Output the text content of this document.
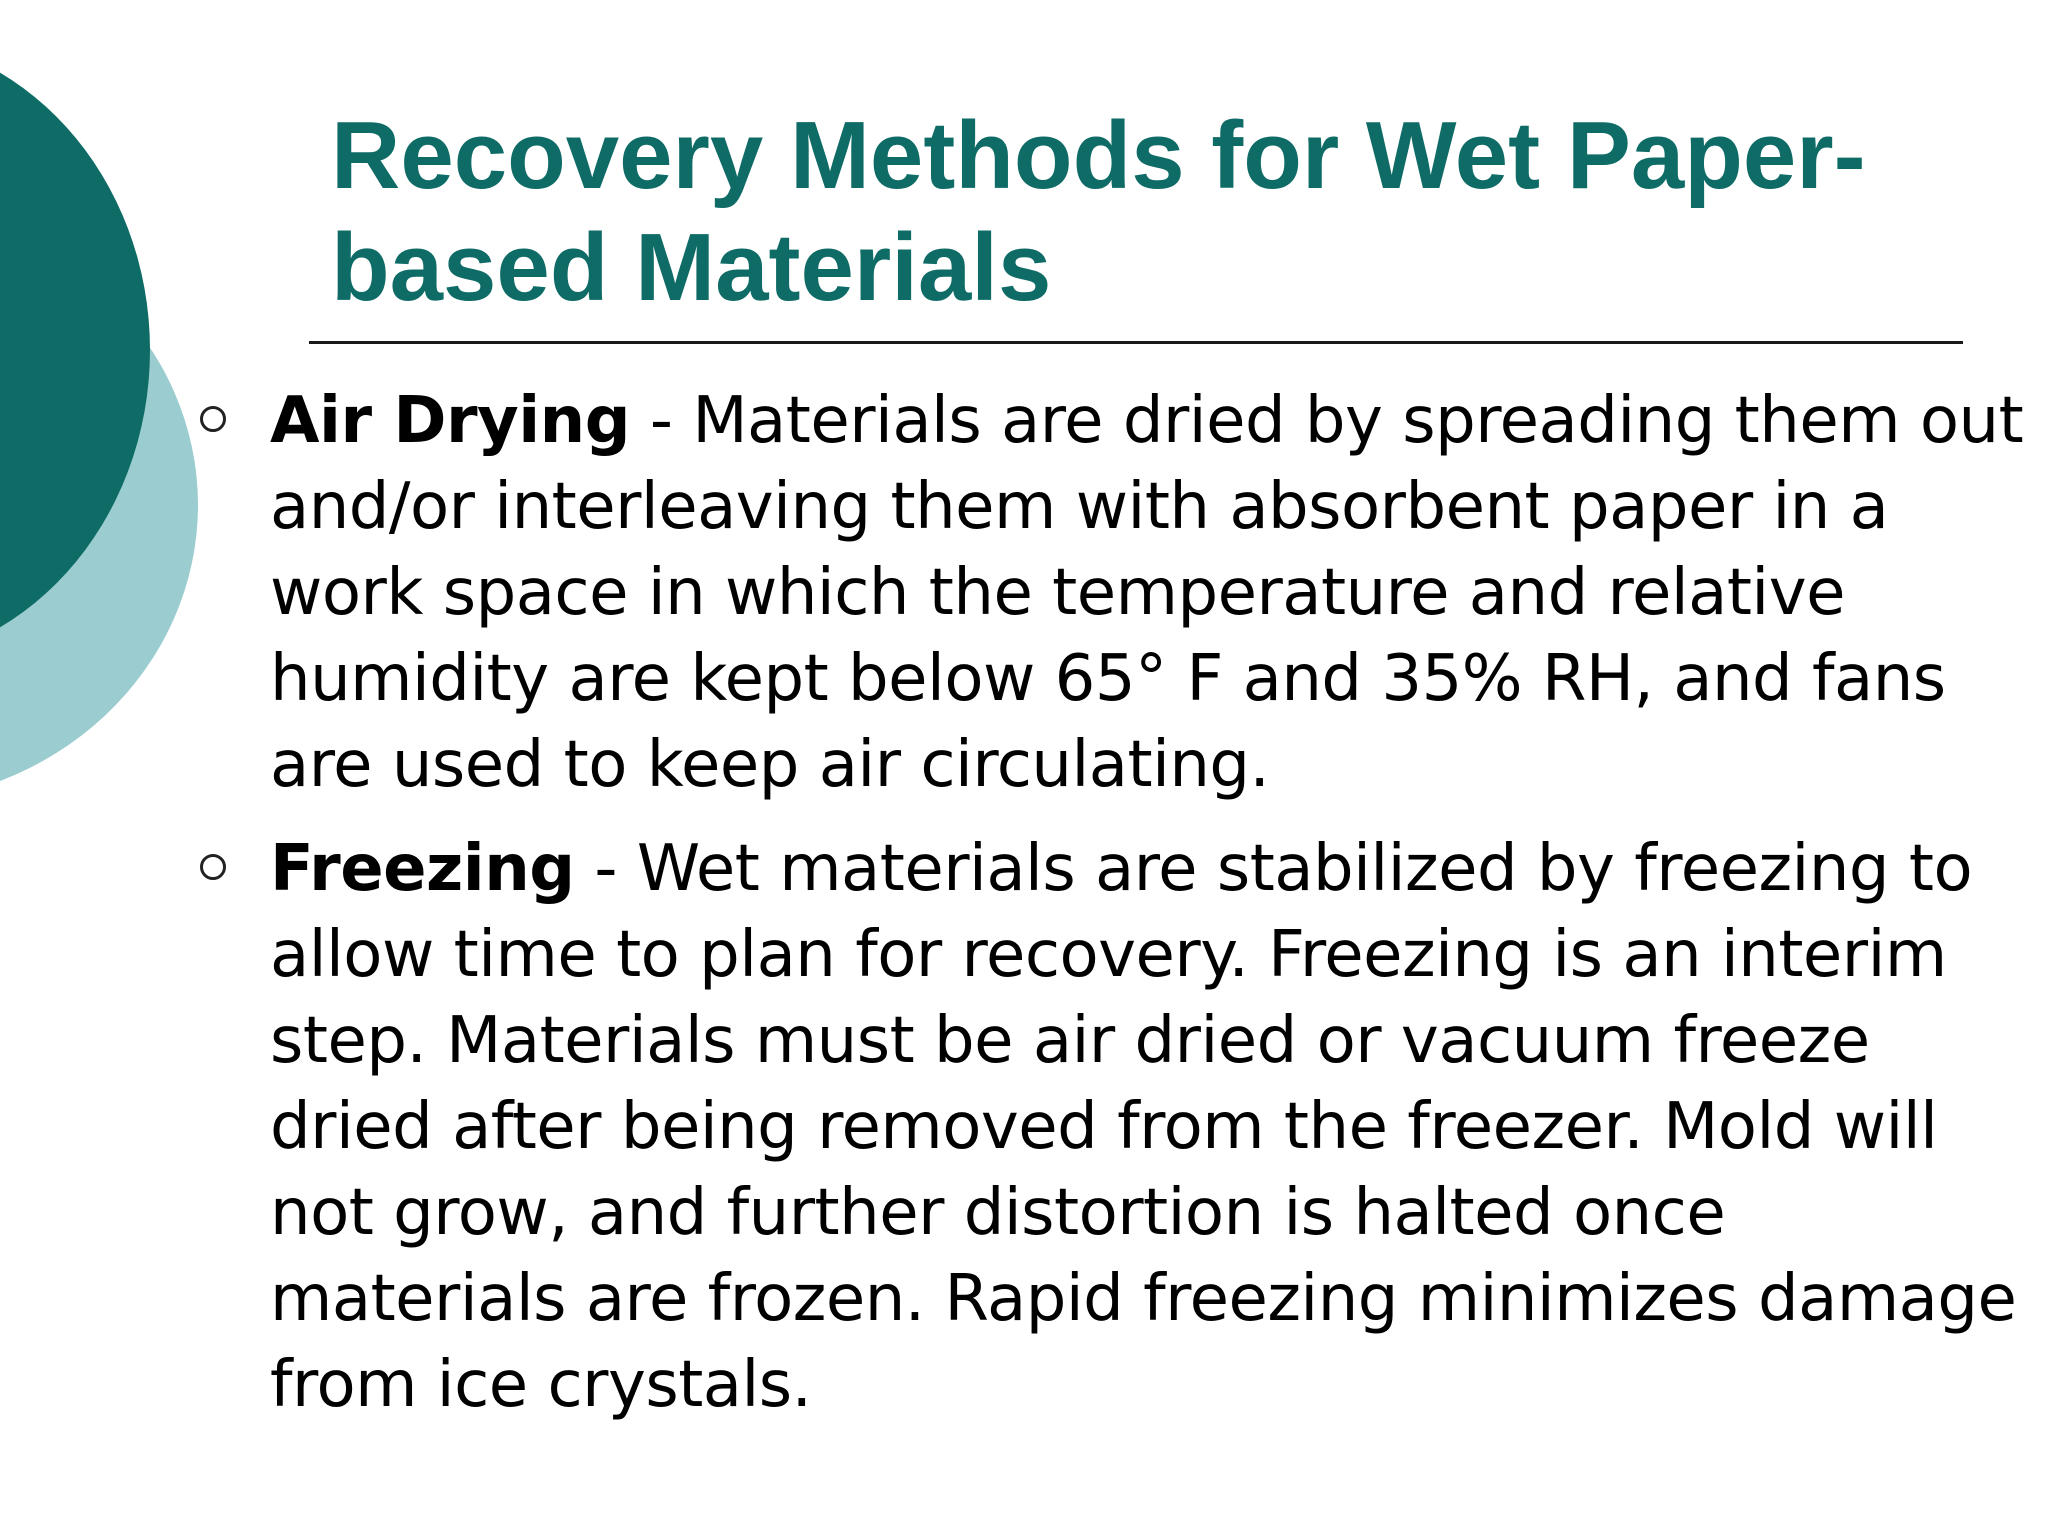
Recovery Methods for Wet Paper-based Materials
Air Drying - Materials are dried by spreading them out and/or interleaving them with absorbent paper in a work space in which the temperature and relative humidity are kept below 65° F and 35% RH, and fans are used to keep air circulating.
Freezing - Wet materials are stabilized by freezing to allow time to plan for recovery. Freezing is an interim step. Materials must be air dried or vacuum freeze dried after being removed from the freezer. Mold will not grow, and further distortion is halted once materials are frozen. Rapid freezing minimizes damage from ice crystals.
